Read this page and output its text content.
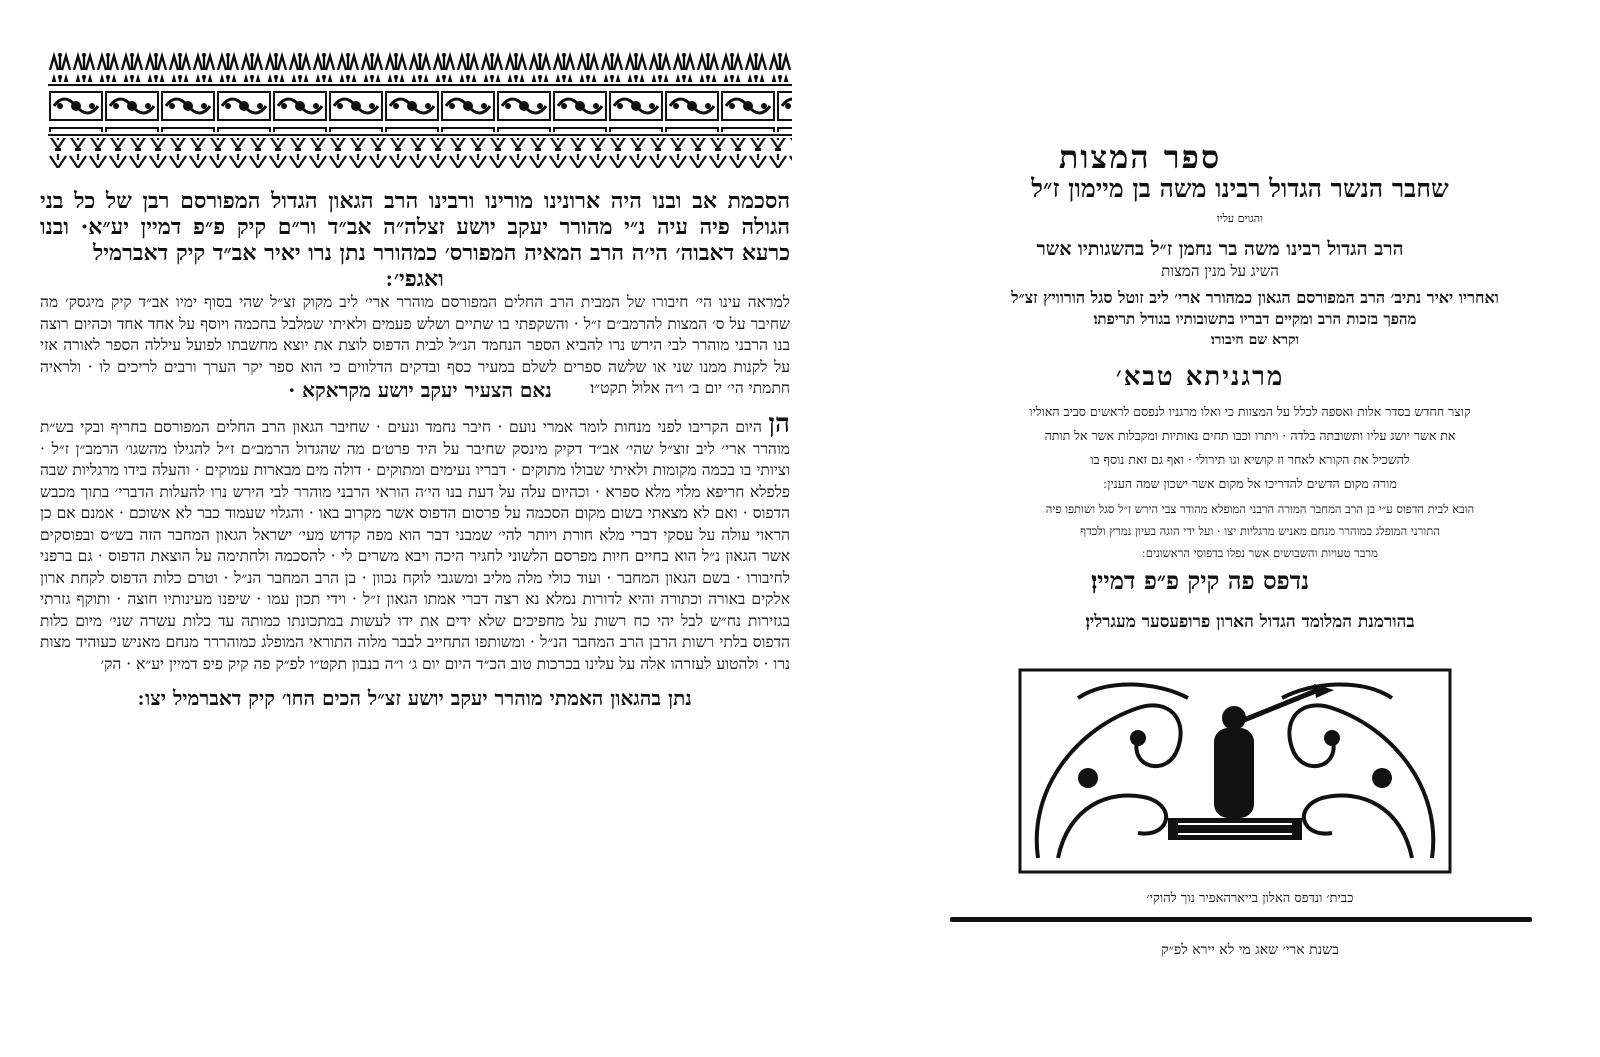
הסכמת אב ובנו היה ארונינו מורינו ורבינו הרב הגאון הגדול המפורסם רבן של כל בני הגולה פיה עיה נ״י מהורר יעקב יושע זצלה״ה אב״ד ור״ם קיק פ״פ דמיין יע״א· ובנו כרעא דאבוה׳ הי׳ה הרב המאיה המפורס׳ כמהורר נתן נרו יאיר אב״ד קיק דאברמיל
ואגפי׳ ׃
למראה עינו הי׳ חיבורו של המבית הרב החלים המפורסם מוהרר ארי׳ ליב מקוק זצ״ל שהי בסוף ימיו אב״ד קיק מיגסק׳ מה שחיבר על ס׳ המצות להרמב״ם ז״ל · והשקפתי בו שתיים ושלש פעמים ולאיתי שמלבל בחכמה ויוסף על אחד אחד וכהיום רוצה בנו הרבני מוהרר לבי הירש נרו להביא הספר הנחמד הנ״ל לבית הדפוס לוצת את יוצא מחשבתו לפועל עיללה הספר לאורה אזי על לקנות ממנו שני או שלשה ספרים לשלם במעיר כסף ובדקים הדלווים כי הוא ספר יקר הערך ורבים לריכים לו · ולראיה חתמתי הי׳ יום ב׳ ו״ה אלול תקט״ו׃
נאם הצעיר יעקב יושע מקראקא ·
הן היום הקריבו לפני מנחות לומר אמרי נועם · חיבר נחמד ונעים · שחיבר הגאון הרב החלים המפורסם בחריף ובקי בש״ת מוהרר ארי׳ ליב זוצ״ל שהי׳ אב״ד דקיק מינסק שחיבר על היד פרט׳ם מה שהגדול הרמב״ם ז״ל להגילו מהשגו׳ הרמב״ן ז״ל · וציותי בו בכמה מקומות ולאיתי שבולו מתוקים · דבריו נעימים ומתוקים · דולה מים מבארות עמוקים · והעלה בידו מרגליות שבה פלפלא חריפא מלוי מלא ספרא · וכהיום עלה על דעת בנו הי׳ה הוראי הרבני מוהרר לבי הירש נרו להעלות הדברי׳ בתוך מכבש הדפוס · ואם לא מצאתי בשום מקום הסכמה על פרסום הדפוס אשר מקרוב באו · והגלוי שעמוד כבר לא אשוכם · אמנם אם כן הראוי עולה על עסקי דברי מלא חורת ויותר להי׳ שמבני דבר הוא מפה קדוש מעי׳ ישראל הגאון המחבר הזה בש״ס ובפוסקים אשר הגאון נ״ל הוא בחיים חיות מפרסם הלשוני לחגיר היכה ויבא משרים לי · להסכמה ולחתימה על הוצאת הדפוס · גם ברפני לחיבורו · בשם הגאון המחבר · ועוד כולי מלה מליב ומשגבי לוקח נכוון · בן הרב המחבר הנ״ל · וטרם כלות הדפוס לקחת ארון אלקים באורה וכתורה והיא לדורות נמלא נא רצה דברי אמתו הגאון ז״ל · וידי תכון עמו · שיפנו מעינותיו חוצה · ותוקף גזרתי בגזירות נח״ש לבל יהי כח רשות על מחפיכים שלא ידים את ידו לעשות במתכונתו כמותה עד כלות עשרה שני׳ מיום כלות הדפוס בלתי רשות הרבן הרב המחבר הנ״ל · ומשותפו התחייב לבבר מלוה התוראי המופלג כמוהררר מנחם מאניש כעוהיד מצות נרו · ולהטוע לעזרהו אלה על עלינו בכרכות טוב הכ״ד היום יום ג׳ ו״ה בנבון תקט״ו לפ״ק פה קיק פיפ דמיין יע״א · הק׳
נתן בהגאון האמתי מוהרר יעקב יושע זצ״ל הכים החו׳ קיק דאברמיל יצו ׃
ספר המצות
שחבר הנשר הגדול רבינו משה בן מיימון ז״ל
והגוים עליו
הרב הגדול רבינו משה בר נחמן ז״ל בהשגותיו אשר
השיג על מנין המצות
ואחריו יאיר נתיב׳ הרב המפורסם הגאון כמהורר ארי׳ ליב זוטל סגל הורוויץ זצ״ל
מהפך בזכות הרב ומקיים דבריו בתשובותיו בגודל תריפתו׃
וקרא שם חיבורו׃
מרגניתא טבא׳
קוצר חחדש בסדר אלות ואספה לכלל על המצוות כי ואלו מרגניו לנפסם לראשים סביב האוליו
את אשר יושג עליו ותשובתה בלדה · ויתרו וכבו תחים נאותיות ומקבלות אשר אל תותה
להשכיל את הקורא לאחר וז קושיא וגו תירולי · ואף גם זאת נוסף בו
מורה מקום הדשים להדריכו אל מקום אשר ישכון שמה הענין ׃
הובא לבית הדפוס ע״י בן הרב המחבר המורה הרבני המופלא מהודר צבי הירש ז״ל סגל ושותפו פיה
התורני המופלג כמוהרר מנחם מאניש מרגליות יצו · ועל ידי הוגה בעיון נמרץ ולכדף
מרבר טעויות והשבושים אשר נפלו בדפוסי הראשונים ׃
נדפס פה קיק פ״פ דמיין׃
בהורמנת המלומד הגדול הארון פרופעסער מעגרלין׃
כבית׳ ונדפס האלון בייארהאפיר נוך להוקי׳
בשנת ארי׳ שאג מי לא יירא לפ״ק
